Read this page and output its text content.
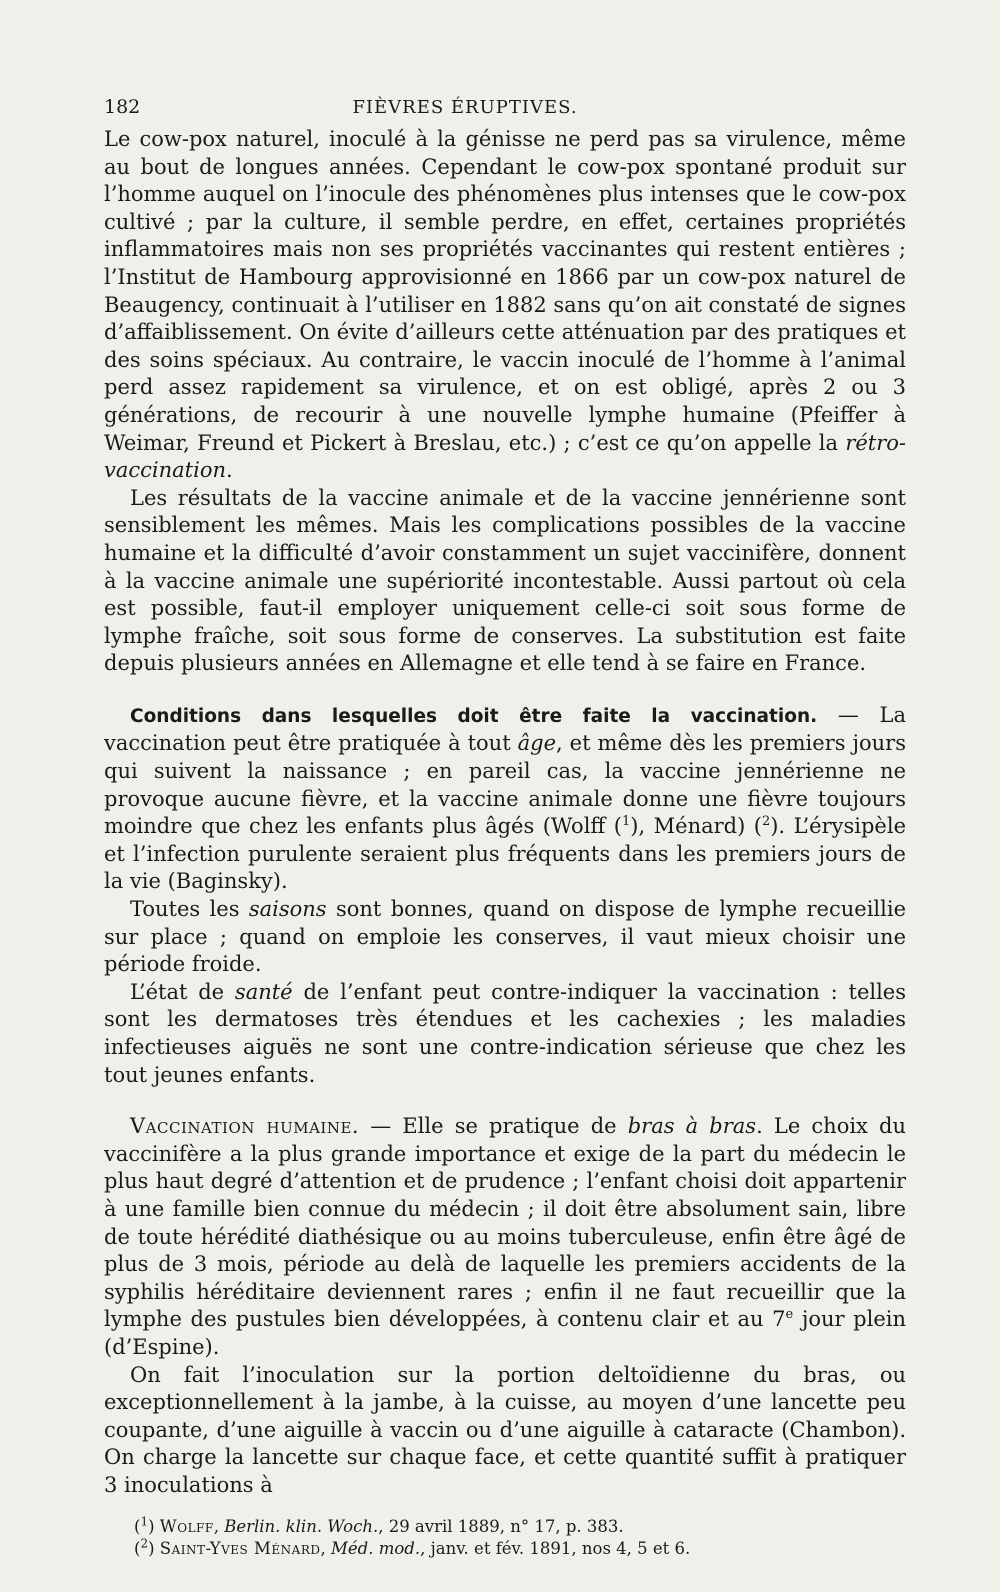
182	FIÈVRES ÉRUPTIVES.

Le cow-pox naturel, inoculé à la génisse ne perd pas sa virulence, même au bout de longues années. Cependant le cow-pox spontané produit sur l’homme auquel on l’inocule des phénomènes plus intenses que le cow-pox cultivé ; par la culture, il semble perdre, en effet, certaines propriétés inflammatoires mais non ses propriétés vaccinantes qui restent entières ; l’Institut de Hambourg approvisionné en 1866 par un cow-pox naturel de Beaugency, continuait à l’utiliser en 1882 sans qu’on ait constaté de signes d’affaiblissement. On évite d’ailleurs cette atténuation par des pratiques et des soins spéciaux. Au contraire, le vaccin inoculé de l’homme à l’animal perd assez rapidement sa virulence, et on est obligé, après 2 ou 3 générations, de recourir à une nouvelle lymphe humaine (Pfeiffer à Weimar, Freund et Pickert à Breslau, etc.) ; c’est ce qu’on appelle la rétro-vaccination.

Les résultats de la vaccine animale et de la vaccine jennérienne sont sensiblement les mêmes. Mais les complications possibles de la vaccine humaine et la difficulté d’avoir constamment un sujet vaccinifère, donnent à la vaccine animale une supériorité incontestable. Aussi partout où cela est possible, faut-il employer uniquement celle-ci soit sous forme de lymphe fraîche, soit sous forme de conserves. La substitution est faite depuis plusieurs années en Allemagne et elle tend à se faire en France.

Conditions dans lesquelles doit être faite la vaccination. — La vaccination peut être pratiquée à tout âge, et même dès les premiers jours qui suivent la naissance ; en pareil cas, la vaccine jennérienne ne provoque aucune fièvre, et la vaccine animale donne une fièvre toujours moindre que chez les enfants plus âgés (Wolff ($^1$), Ménard) ($^2$). L’érysipèle et l’infection purulente seraient plus fréquents dans les premiers jours de la vie (Baginsky).

Toutes les saisons sont bonnes, quand on dispose de lymphe recueillie sur place ; quand on emploie les conserves, il vaut mieux choisir une période froide.

L’état de santé de l’enfant peut contre-indiquer la vaccination : telles sont les dermatoses très étendues et les cachexies ; les maladies infectieuses aiguës ne sont une contre-indication sérieuse que chez les tout jeunes enfants.

Vaccination humaine. — Elle se pratique de bras à bras. Le choix du vaccinifère a la plus grande importance et exige de la part du médecin le plus haut degré d’attention et de prudence ; l’enfant choisi doit appartenir à une famille bien connue du médecin ; il doit être absolument sain, libre de toute hérédité diathésique ou au moins tuberculeuse, enfin être âgé de plus de 3 mois, période au delà de laquelle les premiers accidents de la syphilis héréditaire deviennent rares ; enfin il ne faut recueillir que la lymphe des pustules bien développées, à contenu clair et au 7e jour plein (d’Espine).

On fait l’inoculation sur la portion deltoïdienne du bras, ou exceptionnellement à la jambe, à la cuisse, au moyen d’une lancette peu coupante, d’une aiguille à vaccin ou d’une aiguille à cataracte (Chambon). On charge la lancette sur chaque face, et cette quantité suffit à pratiquer 3 inoculations à

($^1$) Wolff, Berlin. klin. Woch., 29 avril 1889, n° 17, p. 383.
($^2$) Saint-Yves Ménard, Méd. mod., janv. et fév. 1891, nos 4, 5 et 6.
